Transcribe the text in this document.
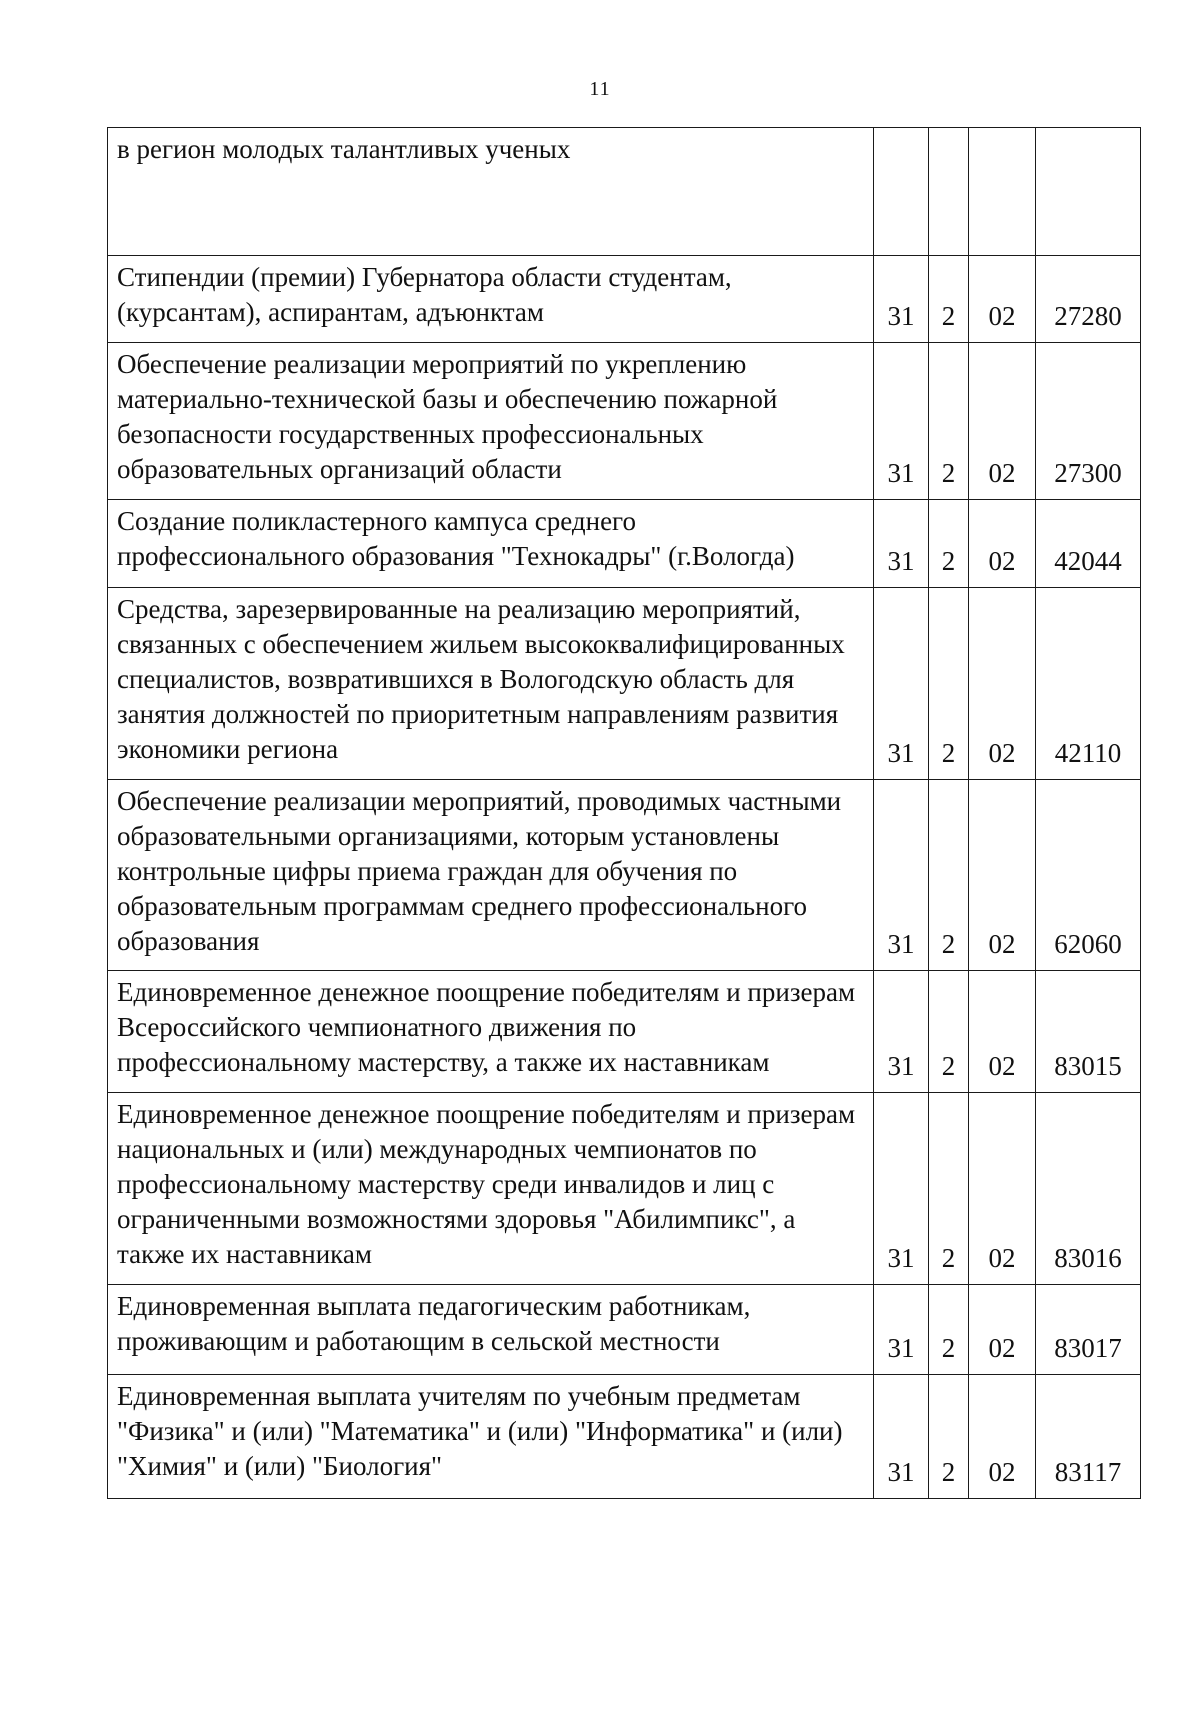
11
в регион молодых талантливых ученых				
Стипендии (премии) Губернатора области студентам, (курсантам), аспирантам, адъюнктам	31	2	02	27280
Обеспечение реализации мероприятий по укреплению материально-технической базы и обеспечению пожарной безопасности государственных профессиональных образовательных организаций области	31	2	02	27300
Создание поликластерного кампуса среднего профессионального образования "Технокадры" (г.Вологда)	31	2	02	42044
Средства, зарезервированные на реализацию мероприятий, связанных с обеспечением жильем высококвалифицированных специалистов, возвратившихся в Вологодскую область для занятия должностей по приоритетным направлениям развития экономики региона	31	2	02	42110
Обеспечение реализации мероприятий, проводимых частными образовательными организациями, которым установлены контрольные цифры приема граждан для обучения по образовательным программам среднего профессионального образования	31	2	02	62060
Единовременное денежное поощрение победителям и призерам Всероссийского чемпионатного движения по профессиональному мастерству, а также их наставникам	31	2	02	83015
Единовременное денежное поощрение победителям и призерам национальных и (или) международных чемпионатов по профессиональному мастерству среди инвалидов и лиц с ограниченными возможностями здоровья "Абилимпикс", а также их наставникам	31	2	02	83016
Единовременная выплата педагогическим работникам, проживающим и работающим в сельской местности	31	2	02	83017
Единовременная выплата учителям по учебным предметам "Физика" и (или) "Математика" и (или) "Информатика" и (или) "Химия" и (или) "Биология"	31	2	02	83117
